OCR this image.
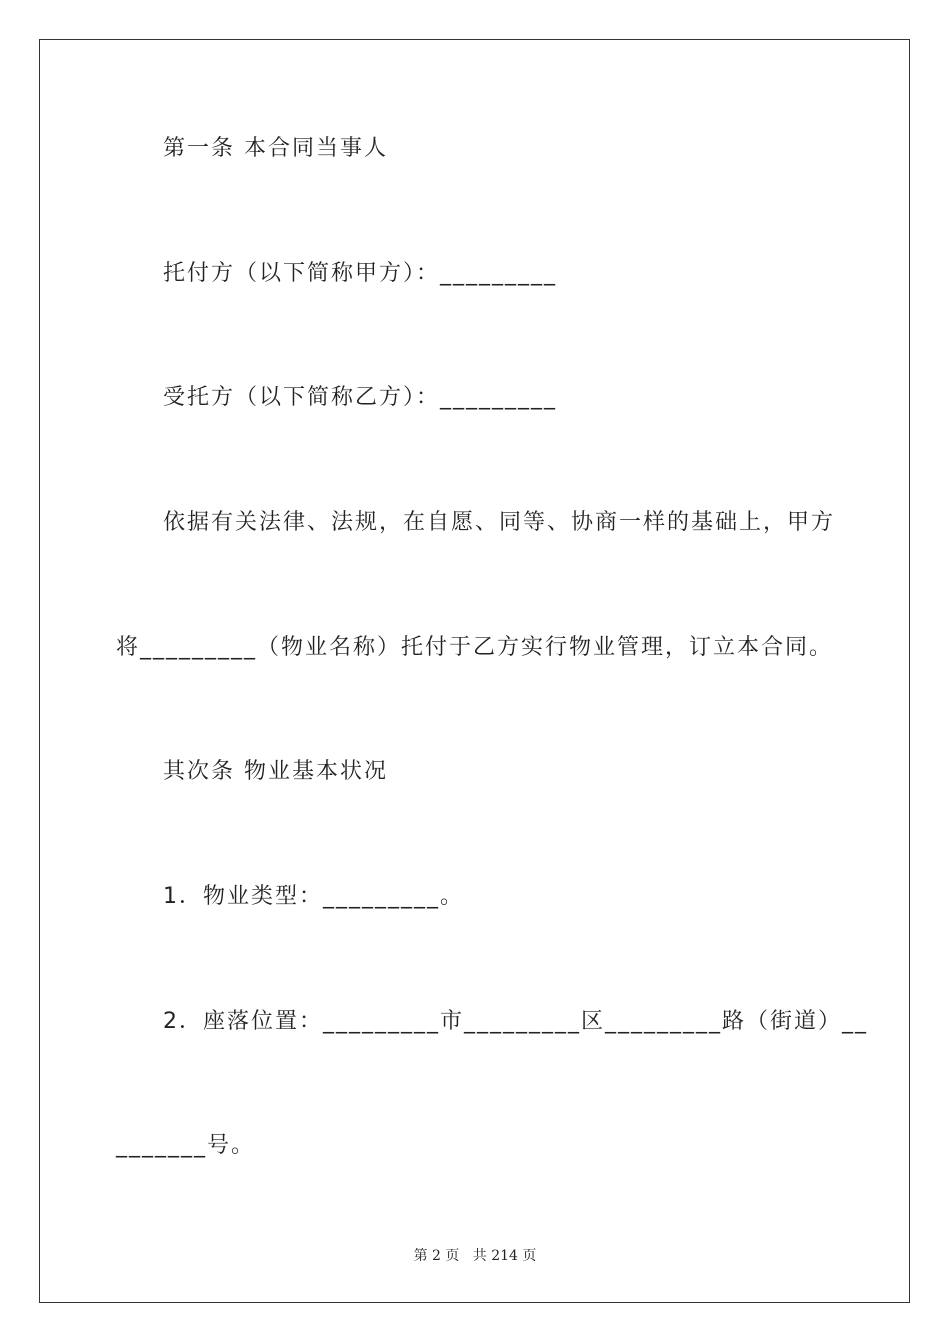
第一条 本合同当事人
托付方（以下简称甲方）：_________
受托方（以下简称乙方）：_________
依据有关法律、法规，在自愿、同等、协商一样的基础上，甲方
将_________（物业名称）托付于乙方实行物业管理，订立本合同。
其次条 物业基本状况
1．物业类型：_________。
2．座落位置：_________市_________区_________路（街道）__
_______号。
第 2 页   共 214 页
